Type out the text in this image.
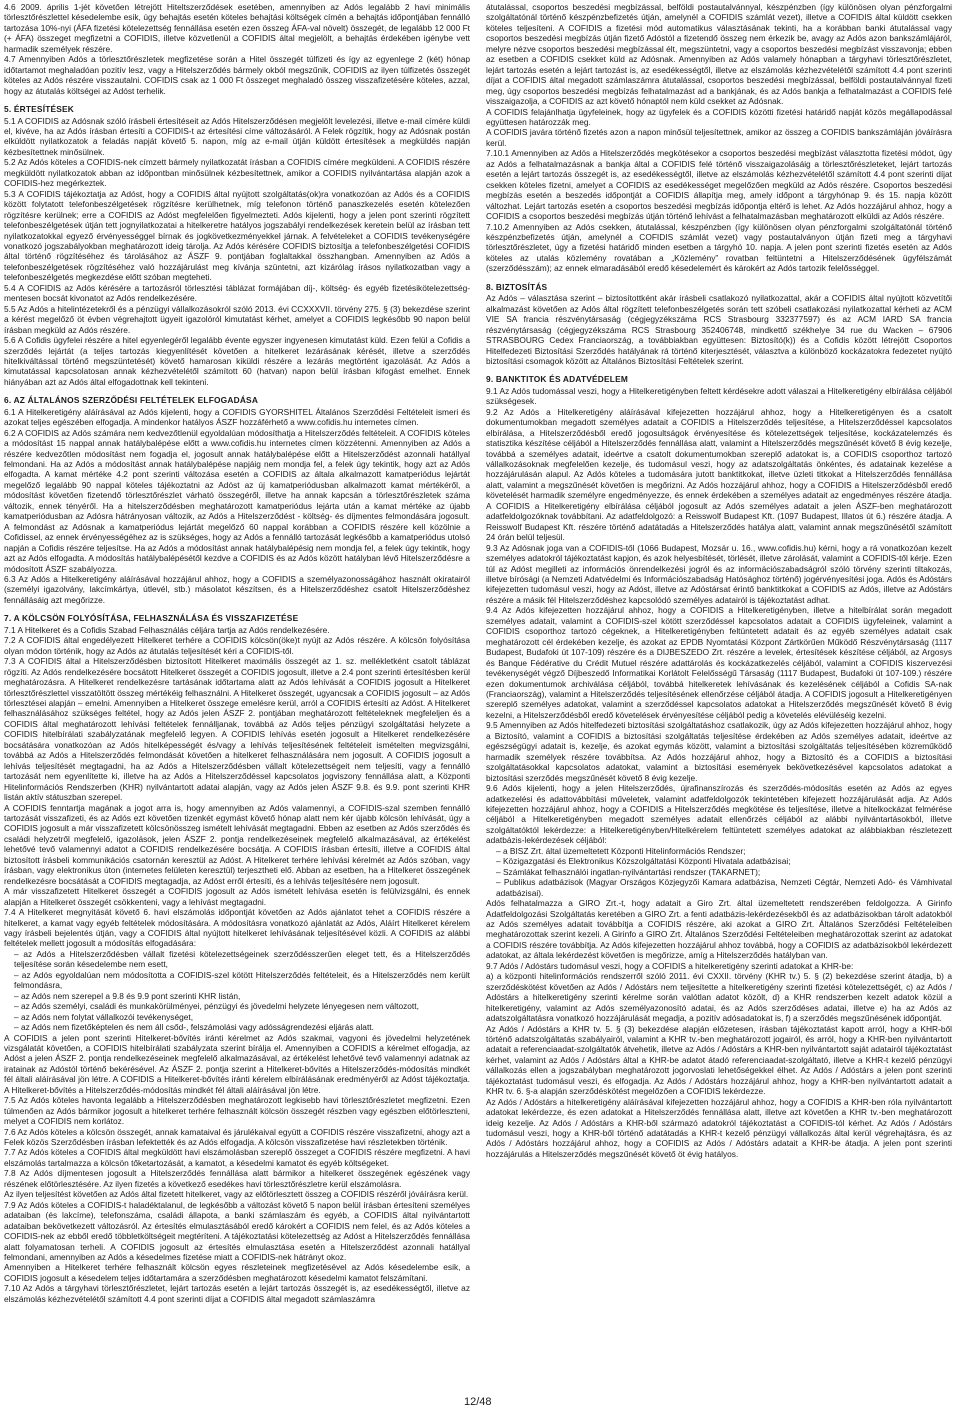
4.6 2009. április 1-jét követően létrejött Hiteltszerződések esetében, amennyiben az Adós legalább 2 havi minimális törlesztőrészlettel késedelembe esik, úgy behajtás esetén köteles behajtási költségek címén a behajtás időpontjában fennálló tartozása 10%-nyi (ÁFA fizetési kötelezettség fennállása esetén ezen összeg ÁFA-val növelt) összegét, de legalább 12 000 Ft (+ ÁFA) összeget megfizetni a COFIDIS, illetve közvetlenül a COFIDIS által megjelölt, a behajtás érdekében igénybe vett harmadik személyek részére.
4.7 Amennyiben Adós a törlesztőrészletek megfizetése során a Hitel összegét túlfizeti és így az egyenlege 2 (két) hónap időtartamot meghaladóan pozitív lesz, vagy a Hitelszerződés bármely okból megszűnik, COFIDIS az ilyen túlfizetés összegét köteles az Adós részére visszautalni. COFIDIS csak az 1 000 Ft összeget meghaladó összeg visszafizetésére köteles, azzal, hogy az átutalás költségei az Adóst terhelik.
5. ÉRTESÍTÉSEK
5.1 A COFIDIS az Adósnak szóló írásbeli értesítéseit az Adós Hitelszerződésen megjelölt levelezési, illetve e-mail címére küldi el, kivéve, ha az Adós írásban értesíti a COFIDIS-t az értesítési címe változásáról. A Felek rögzítik, hogy az Adósnak postán elküldött nyilatkozatok a feladás napját követő 5. napon, míg az e-mail útján küldött értesítések a megküldés napján kézbesítettnek minősülnek.
5.2 Az Adós köteles a COFIDIS-nek címzett bármely nyilatkozatát írásban a COFIDIS címére megküldeni. A COFIDIS részére megküldött nyilatkozatok abban az időpontban minősülnek kézbesítettnek, amikor a COFIDIS nyilvántartása alapján azok a COFIDIS-hez megérkeztek.
5.3 A COFIDIS tájékoztatja az Adóst, hogy a COFIDIS által nyújtott szolgáltatás(ok)ra vonatkozóan az Adós és a COFIDIS között folytatott telefonbeszélgetések rögzítésre kerülhetnek, míg telefonon történő panaszkezelés esetén kötelezően rögzítésre kerülnek; erre a COFIDIS az Adóst megfelelően figyelmezteti. Adós kijelenti, hogy a jelen pont szerinti rögzített telefonbeszélgetések útján tett jognyilatkozatai a hitelkeretre hatályos jogszabályi rendelkezések keretein belül az írásban tett nyilatkozatokkal egyező érvényességgel bírnak és jogkövetkezményekkel járnak. A felvételeket a COFIDIS tevékenységére vonatkozó jogszabályokban meghatározott ideig tárolja. Az Adós kérésére COFIDIS biztosítja a telefonbeszélgetési COFIDIS által történő rögzítéséhez és tárolásához az ÁSZF 9. pontjában foglaltakkal összhangban. Amennyiben az Adós a telefonbeszélgetések rögzítéséhez való hozzájárulást meg kívánja szüntetni, azt kizárólag írásos nyilatkozatban vagy a telefonbeszélgetés megkezdése előtt szóban megteheti.
5.4 A COFIDIS az Adós kérésére a tartozásról törlesztési táblázat formájában díj-, költség- és egyéb fizetésikötelezettség-mentesen bocsát kivonatot az Adós rendelkezésére.
5.5 Az Adós a hitelintézetekről és a pénzügyi vállalkozásokról szóló 2013. évi CCXXXVII. törvény 275. § (3) bekezdése szerint a kérést megelőző öt évben végrehajtott ügyeit igazolóról kimutatást kérhet, amelyet a COFIDIS legkésőbb 90 napon belül írásban megküld az Adós részére.
5.6 A Cofidis ügyfelei részére a hitel egyenlegéről legalább évente egyszer ingyenesen kimutatást küld. Ezen felül a Cofidis a szerződés lejártát (a teljes tartozás kiegyenlítését követően a hitelkeret lezárásának kérését, illetve a szerződés hitelkiváltással történő megszüntetését) követő hamarosan kiküldi részére a lezárás megtörtént igazolását. Az Adós a kimutatással kapcsolatosan annak kézhezvételétől számított 60 (hatvan) napon belül írásban kifogást emelhet. Ennek hiányában azt az Adós által elfogadottnak kell tekinteni.
6. AZ ÁLTALÁNOS SZERZŐDÉSI FELTÉTELEK ELFOGADÁSA
6.1 A Hitelkeretigény aláírásával az Adós kijelenti, hogy a COFIDIS GYORSHITEL Általános Szerződési Feltételeit ismeri és azokat teljes egészében elfogadja. A mindenkor hatályos ÁSZF hozzáférhető a www.cofidis.hu internetes címen.
6.2 A COFIDIS az Adós számára nem kedvezőtlenül egyoldalúan módosíthatja a Hitelszerződés feltételeit. A COFIDIS köteles a módosítást 15 nappal annak hatálybalépése előtt a www.cofidis.hu internetes címen közzétenni. Amennyiben az Adós a részére kedvezőtlen módosítást nem fogadja el, jogosult annak hatálybalépése előtt a Hitelszerződést azonnali hatállyal felmondani. Ha az Adós a módosítást annak hatálybalépése napjáig nem mondja fel, a felek úgy tekintik, hogy azt az Adós elfogadta. A kamat mértéke 4.2 pont szerinti változása esetén a COFIDIS az általa alkalmazott kamatperiódus lejártát megelőző legalább 90 nappal köteles tájékoztatni az Adóst az új kamatperiódusban alkalmazott kamat mértékéről, a módosítást követően fizetendő törlesztőrészlet várható összegéről, illetve ha annak kapcsán a törlesztőrészletek száma változik, ennek tényéről. Ha a hitelszerződésben meghatározott kamatperiódus lejárta után a kamat mértéke az újabb kamatperiódusban az Adósra hátrányosan változik, az Adós a Hitelszerződést - költség- és díjmentes felmondására jogosult. A felmondást az Adósnak a kamatperiódus lejártát megelőző 60 nappal korábban a COFIDIS részére kell közölnie a Cofidissel, az ennek érvényességéhez az is szükséges, hogy az Adós a fennálló tartozását legkésőbb a kamatperiódus utolsó napján a Cofidis részére teljesítse. Ha az Adós a módosítást annak hatálybalépésig nem mondja fel, a felek úgy tekintik, hogy azt az Adós elfogadta. A módosítás hatálybalépésétől kezdve a COFIDIS és az Adós között hatályban lévő Hitelszerződésre a módosított ÁSZF szabályozza.
6.3 Az Adós a Hitelkeretigény aláírásával hozzájárul ahhoz, hogy a COFIDIS a személyazonosságához használt okiratairól (személyi igazolvány, lakcímkártya, útlevél, stb.) másolatot készítsen, és a Hitelszerződéshez csatolt Hitelszerződéshez fennállásáig azt megőrizze.
7. A KÖLCSÖN FOLYÓSÍTÁSA, FELHASZNÁLÁSA ÉS VISSZAFIZETÉSE
7.1 A Hitelkeret és a Cofidis Szabad Felhasználás céljára tartja az Adós rendelkezésére.
7.2 A COFIDIS által engedélyezett Hitelkeret terhére a COFIDIS kölcsön(öke)t nyújt az Adós részére. A kölcsön folyósítása olyan módon történik, hogy az Adós az átutalás teljesítését kéri a COFIDIS-től.
7.3 A COFIDIS által a Hitelszerződésben biztosított Hitelkeret maximális összegét az 1. sz. mellékletként csatolt táblázat rögzíti. Az Adós rendelkezésére bocsátott Hitelkeret összegét a COFIDIS jogosult, illetve a 2.4 pont szerinti értesítésben kerül meghatározásra. A Hitelkeret rendelkezésre tartásának időtartama alatt az Adós lehívását a COFIDIS jogosult a Hitelkeret törlesztőrészlettel visszatöltött összeg mértékéig felhasználni. A Hitelkeret összegét, ugyancsak a COFIDIS jogosult – az Adós törlesztései alapján – emelni. Amennyiben a Hitelkeret összege emelésre kerül, arról a COFIDIS értesíti az Adóst. A Hitelkeret felhasználásához szükséges feltétel, hogy az Adós jelen ÁSZF 2. pontjában meghatározott feltételeknek megfeleljen és a COFIDIS által meghatározott lehívási feltételek fennálljanak, továbbá az Adós teljes pénzügyi szolgáltatási helyzete a COFIDIS hitelbírálati szabályzatának megfelelő legyen. A COFIDIS lehívás esetén jogosult a Hitelkeret rendelkezésére bocsátására vonatkozóan az Adós hitelképességét és/vagy a lehívás teljesítésének feltételeit ismételten megvizsgálni, továbbá az Adós a Hitelszerződés felmondását követően a hitelkeret felhasználására nem jogosult. A COFIDIS jogosult a lehívás teljesítését megtagadni, ha az Adós a Hitelszerződésben vállalt kötelezettségeit nem teljesíti, vagy a fennálló tartozását nem egyenlítette ki, illetve ha az Adós a Hitelszerződéssel kapcsolatos jogviszony fennállása alatt, a Központi Hitelinformációs Rendszerben (KHR) nyilvántartott adatai alapján, vagy az Adós jelen ÁSZF 9.8. és 9.9. pont szerinti KHR listán aktív státuszban szerepel.
A COFIDIS fenntartja magának a jogot arra is, hogy amennyiben az Adós valamennyi, a COFIDIS-szal szemben fennálló tartozását visszafizeti, és az Adós ezt követően tizenkét egymást követő hónap alatt nem kér újabb kölcsön lehívását, úgy a COFIDIS jogosult a már visszafizetett kölcsönösszeg ismételt lehívását megtagadni. Ebben az esetben az Adós szerződés és családi helyzetről megfelelő, igazolások, jelen ÁSZF 2. pontja rendelkezéseinek megfelelő alkalmazásával, az értékelést lehetővé tevő valamennyi adatot a COFIDIS rendelkezésére bocsátja. A COFIDIS írásban értesíti, illetve a COFIDIS által biztosított írásbeli kommunikációs csatornán keresztül az Adóst. A Hitelkeret terhére lehívási kérelmét az Adós szóban, vagy írásban, vagy elektronikus úton (internetes felületen keresztül) terjesztheti elő. Abban az esetben, ha a Hitelkeret összegének rendelkezésre bocsátását a COFIDIS megtagadja, az Adóst erről értesíti, és a lehívás teljesítésére nem jogosult.
A már visszafizetett Hitelkeret összegét a COFIDIS jogosult az Adós ismételt lehívása esetén is felülvizsgálni, és ennek alapján a Hitelkeret összegét csökkenteni, vagy a lehívást megtagadni.
7.4 A Hitelkeret megnyitását követő 6. havi elszámolás időpontját követően az Adós ajánlatot tehet a COFIDIS részére a hitelkeret, a kamat vagy egyéb feltételek módosítására. A módosításra vonatkozó ajánlatát az Adós, Aláírt Hitelkeret kérelem vagy írásbeli bejelentés útján, vagy a COFIDIS által nyújtott hitelkeret lehívásának teljesítésével közli. A COFIDIS az alábbi feltételek mellett jogosult a módosítás elfogadására:
– az Adós a Hitelszerződésben vállalt fizetési kötelezettségeinek szerződésszerűen eleget tett, és a Hitelszerződés teljesítése során késedelembe nem esett,
– az Adós egyoldalúan nem módosította a COFIDIS-szel kötött Hitelszerződés feltételeit, és a Hitelszerződés nem került felmondásra,
– az Adós nem szerepel a 9.8 és 9.9 pont szerinti KHR listán,
– az Adós személyi, családi és munkakörülményei, pénzügyi és jövedelmi helyzete lényegesen nem változott,
– az Adós nem folytat vállalkozói tevékenységet,
– az Adós nem fizetőképtelen és nem áll csőd-, felszámolási vagy adósságrendezési eljárás alatt.
A COFIDIS a jelen pont szerinti Hitelkeret-bővítés iránti kérelmet az Adós szakmai, vagyoni és jövedelmi helyzetének vizsgálatát követően, a COFIDIS hitelbírálati szabályzata szerint bírálja el. Amennyiben a COFIDIS a kérelmet elfogadja, az Adóst a jelen ÁSZF 2. pontja rendelkezéseinek megfelelő alkalmazásával, az értékelést lehetővé tevő valamennyi adatnak az iratainak az Adóstól történő bekérésével. Az ÁSZF 2. pontja szerint a Hitelkeret-bővítés a Hitelszerződés-módosítás mindkét fél általi aláírásával jön létre. A COFIDIS a Hitelkeret-bővítés iránti kérelem elbírálásának eredményéről az Adóst tájékoztatja. A Hitelkeret-bővítés a Hitelszerződés-módosítás mindkét fél általi aláírásával jön létre.
7.5 Az Adós köteles havonta legalább a Hitelszerződésben meghatározott legkisebb havi törlesztőrészletet megfizetni. Ezen túlmenően az Adós bármikor jogosult a hitelkeret terhére felhasznált kölcsön összegét részben vagy egészben előtörleszteni, melyet a COFIDIS nem korlátoz.
7.6 Az Adós köteles a kölcsön összegét, annak kamataival és járulékaival együtt a COFIDIS részére visszafizetni, ahogy azt a Felek közös Szerződésben írásban lefektették és az Adós elfogadja. A kölcsön visszafizetése havi részletekben történik.
7.7 Az Adós köteles a COFIDIS által megküldött havi elszámolásban szereplő összeget a COFIDIS részére megfizetni. A havi elszámolás tartalmazza a kölcsön tőketartozását, a kamatot, a késedelmi kamatot és egyéb költségeket.
7.8 Az Adós díjmentesen jogosult a Hitelszerződés fennállása alatt bármikor a hitelkeret összegének egészének vagy részének előtörlesztésére. Az ilyen fizetés a következő esedékes havi törlesztőrészletre kerül elszámolásra.
Az ilyen teljesítést követően az Adós által fizetett hitelkeret, vagy az előtörlesztett összeg a COFIDIS részéről jóváírásra kerül.
7.9 Az Adós köteles a COFIDIS-t haladéktalanul, de legkésőbb a változást követő 5 napon belül írásban értesíteni személyes adataiban (és lakcíme), telefonszáma, családi állapota, a banki számlaszám és egyéb, a COFIDIS által nyilvántartott adataiban bekövetkezett változásról. Az értesítés elmulasztásából eredő károkért a COFIDIS nem felel, és az Adós köteles a COFIDIS-nek az ebből eredő többletköltségeit megtéríteni. A tájékoztatási kötelezettség az Adóst a Hitelszerződés fennállása alatt folyamatosan terheli. A COFIDIS jogosult az értesítés elmulasztása esetén a Hitelszerződést azonnali hatállyal felmondani, amennyiben az Adós a késedelmes fizetése miatt a COFIDIS-nek hátrányt okoz.
Amennyiben a Hitelkeret terhére felhasznált kölcsön egyes részleteinek megfizetésével az Adós késedelembe esik, a COFIDIS jogosult a késedelem teljes időtartamára a szerződésben meghatározott késedelmi kamatot felszámítani.
7.10 Az Adós a tárgyhavi törlesztőrészletet, lejárt tartozás esetén a lejárt tartozás összegét is, az esedékességtől, illetve az elszámolás kézhezvételétől számított 4.4 pont szerinti díjat a COFIDIS által megadott számlaszámra
átutalással, csoportos beszedési megbízással, belföldi postautalvánnyal, készpénzben (így különösen olyan pénzforgalmi szolgáltatónál történő készpénzbefizetés útján, amelynél a COFIDIS számlát vezet), illetve a COFIDIS által küldött csekken köteles teljesíteni. A COFIDIS a fizetési mód automatikus választásának tekinti, ha a korábban banki átutalással vagy csoportos beszedési megbízás útján fizető Adóstól a fizetendő összeg nem érkezik be, avagy az Adós azon bankszámlájáról, melyre nézve csoportos beszedési megbízással élt, megszüntetni, vagy a csoportos beszedési megbízást visszavonja; ebben az esetben a COFIDIS csekket küld az Adósnak. Amennyiben az Adós valamely hónapban a tárgyhavi törlesztőrészletet, lejárt tartozás esetén a lejárt tartozást is, az esedékességtől, illetve az elszámolás kézhezvételétől számított 4.4 pont szerinti díjat a COFIDIS által megadott számlaszámra átutalással, csoportos beszedési megbízással, belföldi postautalvánnyal fizeti meg, úgy csoportos beszedési megbízás felhatalmazást ad a bankjának, és az Adós bankja a felhatalmazást a COFIDIS felé visszaigazolja, a COFIDIS az azt követő hónaptól nem küld csekket az Adósnak.
A COFIDIS felajánlhatja ügyfeleinek, hogy az ügyfelek és a COFIDIS közötti fizetési határidő napját közös megállapodással együttesen határozzák meg.
A COFIDIS javára történő fizetés azon a napon minősül teljesítettnek, amikor az összeg a COFIDIS bankszámláján jóváírásra kerül.
7.10.1 Amennyiben az Adós a Hitelszerződés megkötésekor a csoportos beszedési megbízást választotta fizetési módot, úgy az Adós a felhatalmazásnak a bankja által a COFIDIS felé történő visszaigazolásáig a törlesztőrészleteket, lejárt tartozás esetén a lejárt tartozás összegét is, az esedékességtől, illetve az elszámolás kézhezvételétől számított 4.4 pont szerinti díjat csekken köteles fizetni, amelyet a COFIDIS az esedékességet megelőzően megküld az Adós részére. Csoportos beszedési megbízás esetén a beszedés időpontját a COFIDIS állapítja meg, amely időpont a tárgyhónap 9. és 15. napja között változhat. Lejárt tartozás esetén a csoportos beszedési megbízás időpontja eltérő is lehet. Az Adós hozzájárul ahhoz, hogy a COFIDIS a csoportos beszedési megbízás útján történő lehívást a felhatalmazásban meghatározott elküldi az Adós részére.
7.10.2 Amennyiben az Adós csekken, átutalással, készpénzben (így különösen olyan pénzforgalmi szolgáltatónál történő készpénzbefizetés útján, amelynél a COFIDIS számlát vezet) vagy postautalványon útján fizeti meg a tárgyhavi törlesztőrészletet, úgy a fizetési határidő minden esetben a tárgyhó 10. napja. A jelen pont szerinti fizetés esetén az Adós köteles az utalás közlemény rovatában a „Közlemény” rovatban feltüntetni a Hitelszerződésének ügyfélszámát (szerződésszám); az ennek elmaradásából eredő késedelemért és károkért az Adós tartozik felelősséggel.
8. BIZTOSÍTÁS
Az Adós – választása szerint – biztosítottként akár írásbeli csatlakozó nyilatkozattal, akár a COFIDIS által nyújtott közvetítői alkalmazást követően az Adós által rögzített telefonbeszélgetés során tett szóbeli csatlakozási nyilatkozattal kérheti az ACM VIE SA francia részvénytársaság (cégjegyzékszáma RCS Strasbourg 332377597) és az ACM IARD SA francia részvénytársaság (cégjegyzékszáma RCS Strasbourg 352406748, mindkettő székhelye 34 rue du Wacken – 67906 STRASBOURG Cedex Franciaország, a továbbiakban együttesen: Biztosító(k)) és a Cofidis között létrejött Csoportos Hitelfedezeti Biztosítási Szerződés hatályának rá történő kiterjesztését, választva a különböző kockázatokra fedezetet nyújtó biztosítási csomagok között az Általános Biztosítási Feltételek szerint.
9. BANKTITOK ÉS ADATVÉDELEM
9.1 Az Adós tudomással veszi, hogy a Hitelkeretigényben feltett kérdésekre adott válaszai a Hitelkeretigény elbírálása céljából szükségesek.
9.2 Az Adós a Hitelkeretigény aláírásával kifejezetten hozzájárul ahhoz, hogy a Hitelkeretigényen és a csatolt dokumentumokban megadott személyes adatait a COFIDIS a Hitelszerződés teljesítése, a Hitelszerződéssel kapcsolatos elbírálása, a Hitelszerződésből eredő jogosultságok érvényesítése és kötelezettségek teljesítése, kockázatelemzés és statisztika készítése céljából a Hitelszerződés fennállása alatt, valamint a Hitelszerződés megszűnését követő 8 évig kezelje, továbbá a személyes adatait, ideértve a csatolt dokumentumokban szereplő adatokat is, a COFIDIS csoporthoz tartozó vállalkozásoknak megfelelően kezelje, és tudomásul veszi, hogy az adatszolgáltatás önkéntes, és adatainak kezelése a hozzájárulásán alapul. Az Adós köteles a tudomására jutott banktitkokat, illetve üzleti titkokat a Hitelszerződés fennállása alatt, valamint a megszűnését követően is megőrizni. Az Adós hozzájárul ahhoz, hogy a COFIDIS a Hitelszerződésből eredő követelését harmadik személyre engedményezze, és ennek érdekében a személyes adatait az engedményes részére átadja. A COFIDIS a Hitelkeretigény elbírálása céljából jogosult az Adós személyes adatait a jelen ÁSZF-ben meghatározott adatfeldolgozóknak továbbítani. Az adatfeldolgozó: a Reisswolf Budapest Kft. (1097 Budapest, Illatos út 6.) részére átadja. A Reisswolf Budapest Kft. részére történő adatátadás a Hitelszerződés hatálya alatt, valamint annak megszűnésétől számított 24 órán belül teljesül.
9.3 Az Adósnak joga van a COFIDIS-től (1066 Budapest, Mozsár u. 16., www.cofidis.hu) kérni, hogy a rá vonatkozóan kezelt személyes adatokról tájékoztatást kapjon, és azok helyesbítését, törlését, illetve zárolását, valamint a COFIDIS-től kérje. Ezen túl az Adóst megilleti az információs önrendelkezési jogról és az információszabadságról szóló törvény szerinti tiltakozás, illetve bírósági (a Nemzeti Adatvédelmi és Információszabadság Hatósághoz történő) jogérvényesítési joga. Adós és Adóstárs kifejezetten tudomásul veszi, hogy az Adóst, illetve az Adóstársat érintő banktitkokat a COFIDIS az Adós, illetve az Adóstárs részére a másik fél Hitelszerződéshez kapcsolódó személyes adatairól is tájékoztatást adhat.
9.4 Az Adós kifejezetten hozzájárul ahhoz, hogy a COFIDIS a Hitelkeretigényben, illetve a hitelbírálat során megadott személyes adatait, valamint a COFIDIS-szel kötött szerződéssel kapcsolatos adatait a COFIDIS ügyfeleinek, valamint a COFIDIS csoporthoz tartozó cégeknek, a Hitelkeretigényben feltüntetett adatait és az egyéb személyes adatait csak meghatározott cél érdekében kezelje, és azokat az EPDB Nyomtatási Központ Zártkörűen Működő Részvénytársaság (1117 Budapest, Budafoki út 107-109) részére és a DIJBESZEDO Zrt. részére a levelek, értesítések készítése céljából, az Argosys és Banque Fédérative du Crédit Mutuel részére adattárolás és kockázatkezelés céljából, valamint a COFIDIS kiszervezési tevékenységét végző Díjbeszedő Informatikai Korlátolt Felelősségű Társaság (1117 Budapest, Budafoki út 107-109.) részére ezen dokumentumok archiválása céljából, továbbá hitelkeretek lehívásának és kezelésének céljából a Cofidis SA-nak (Franciaország), valamint a Hitelszerződés teljesítésének ellenőrzése céljából átadja. A COFIDIS jogosult a Hitelkeretigényen szereplő személyes adatokat, valamint a szerződéssel kapcsolatos adatokat a Hitelszerződés megszűnését követő 8 évig kezelni, a Hitelszerződésből eredő követelések érvényesítése céljából pedig a követelés elévüléséig kezelni.
9.5 Amennyiben az Adós hitelfedezeti biztosítási szolgáltatáshoz csatlakozik, úgy az Adós kifejezetten hozzájárul ahhoz, hogy a Biztosító, valamint a COFIDIS a biztosítási szolgáltatás teljesítése érdekében az Adós személyes adatait, ideértve az egészségügyi adatait is, kezelje, és azokat egymás között, valamint a biztosítási szolgáltatás teljesítésében közreműködő harmadik személyek részére továbbítsa. Az Adós hozzájárul ahhoz, hogy a Biztosító és a COFIDIS a biztosítási szolgáltatásokkal kapcsolatos adatokat, valamint a biztosítási események bekövetkezésével kapcsolatos adatokat a biztosítási szerződés megszűnését követő 8 évig kezelje.
9.6 Adós kijelenti, hogy a jelen Hitelszerződés, újrafinanszírozás és szerződés-módosítás esetén az Adós az egyes adatkezelési és adattovábbítási műveletek, valamint adatfeldolgozók tekintetében kifejezett hozzájárulását adja. Az Adós kifejezetten hozzájárul ahhoz, hogy a COFIDIS a Hitelszerződés megkötése és teljesítése, illetve a hitelkockázat felmérése céljából a Hitelkeretigényben megadott személyes adatait ellenőrzés céljából az alábbi nyilvántartásokból, illetve szolgáltatóktól lekérdezze: a Hitelkeretigényben/Hitelkérelem feltüntetett személyes adatokat az alábbiakban részletezett adatbázis-lekérdezések céljából:
– a BISZ Zrt. által üzemeltetett Központi Hitelinformációs Rendszer;
– Közigazgatási és Elektronikus Közszolgáltatási Központi Hivatala adatbázisai;
– Számlákat felhasználói ingatlan-nyilvántartási rendszer (TAKARNET);
– Publikus adatbázisok (Magyar Országos Közjegyzői Kamara adatbázisa, Nemzeti Cégtár, Nemzeti Adó- és Vámhivatal adatbázisai).
Adós felhatalmazza a GIRO Zrt.-t, hogy adatait a Giro Zrt. által üzemeltetett rendszerében feldolgozza. A Girinfo Adatfeldolgozási Szolgáltatás keretében a GIRO Zrt. a fenti adatbázis-lekérdezésekből és az adatbázisokban tárolt adatokból az Adós személyes adatait továbbítja a COFIDIS részére, aki azokat a GIRO Zrt. Általános Szerződési Feltételeiben meghatározottak szerint kezeli. A Girinfo a GIRO Zrt. Általános Szerződési Feltételeiben meghatározottak szerint az adatokat a COFIDIS részére továbbítja. Az Adós kifejezetten hozzájárul ahhoz továbbá, hogy a COFIDIS az adatbázisokból lekérdezett adatokat, az általa lekérdezést követően is megőrizze, amíg a Hitelszerződés hatályban van.
9.7 Adós / Adóstárs tudomásul veszi, hogy a COFIDIS a hitelkeretigény szerinti adatokat a KHR-be:
a) a központi hitelinformációs rendszerről szóló 2011. évi CXXII. törvény (KHR tv.) 5. § (2) bekezdése szerint átadja, b) a szerződéskötést követően az Adós / Adóstárs nem teljesítette a hitelkeretigény szerinti fizetési kötelezettségét, c) az Adós / Adóstárs a hitelkeretigény szerinti kérelme során valótlan adatot közölt, d) a KHR rendszerben kezelt adatok közül a hitelkeretigény, valamint az Adós személyazonosító adatai, és az Adós szerződéses adatai, illetve e) ha az Adós az adatszolgáltatásra vonatkozó hozzájárulását megadja, a pozitív adósadatokat is, f) a szerződés megszűnésének időpontját.
Az Adós / Adóstárs a KHR tv. 5. § (3) bekezdése alapján előzetesen, írásban tájékoztatást kapott arról, hogy a KHR-ből történő adatszolgáltatás szabályairól, valamint a KHR tv.-ben meghatározott jogairól, és arról, hogy a KHR-ben nyilvántartott adatait a referenciaadat-szolgáltatók átvehetik, illetve az Adós / Adóstárs a KHR-ben nyilvántartott saját adatairól tájékoztatást kérhet, valamint az Adós / Adóstárs által a KHR-be adatot átadó referenciaadat-szolgáltató, illetve a KHR-t kezelő pénzügyi vállalkozás ellen a jogszabályban meghatározott jogorvoslati lehetőségekkel élhet. Az Adós / Adóstárs a jelen pont szerinti tájékoztatást tudomásul veszi, és elfogadja. Az Adós / Adóstárs hozzájárul ahhoz, hogy a KHR-ben nyilvántartott adatait a KHR tv. 6. §-a alapján szerződéskötést megelőzően a COFIDIS lekérdezze.
Az Adós / Adóstárs a hitelkeretigény aláírásával kifejezetten hozzájárul ahhoz, hogy a COFIDIS a KHR-ben róla nyilvántartott adatokat lekérdezze, és ezen adatokat a Hitelszerződés fennállása alatt, illetve azt követően a KHR tv.-ben meghatározott ideig kezelje. Az Adós / Adóstárs a KHR-ből származó adatokról tájékoztatást a COFIDIS-tól kérhet. Az Adós / Adóstárs tudomásul veszi, hogy a KHR-ből történő adatátadás a KHR-t kezelő pénzügyi vállalkozás által kerül végrehajtásra, és az Adós / Adóstárs hozzájárul ahhoz, hogy a COFIDIS az Adós / Adóstárs adatait a KHR-be átadja. A jelen pont szerinti hozzájárulás a Hitelszerződés megszűnését követő öt évig hatályos.
12/48
